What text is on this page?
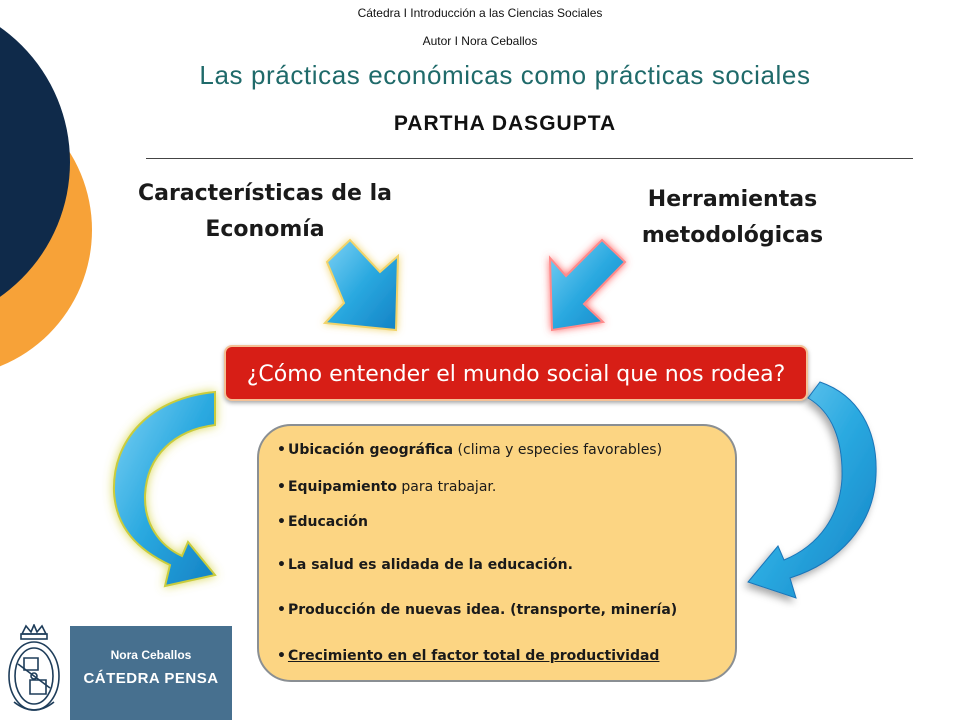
Cátedra I Introducción a las Ciencias Sociales
Autor I Nora Ceballos
Las prácticas económicas como prácticas sociales
PARTHA DASGUPTA
Características de la
Economía
Herramientas
metodológicas
¿Cómo entender el mundo social que nos rodea?
• Ubicación geográfica (clima y especies favorables)
• Equipamiento para trabajar.
• Educación
• La salud es alidada de la educación.
• Producción de nuevas idea. (transporte, minería)
• Crecimiento en el factor total de productividad
Nora Ceballos
CÁTEDRA PENSA
